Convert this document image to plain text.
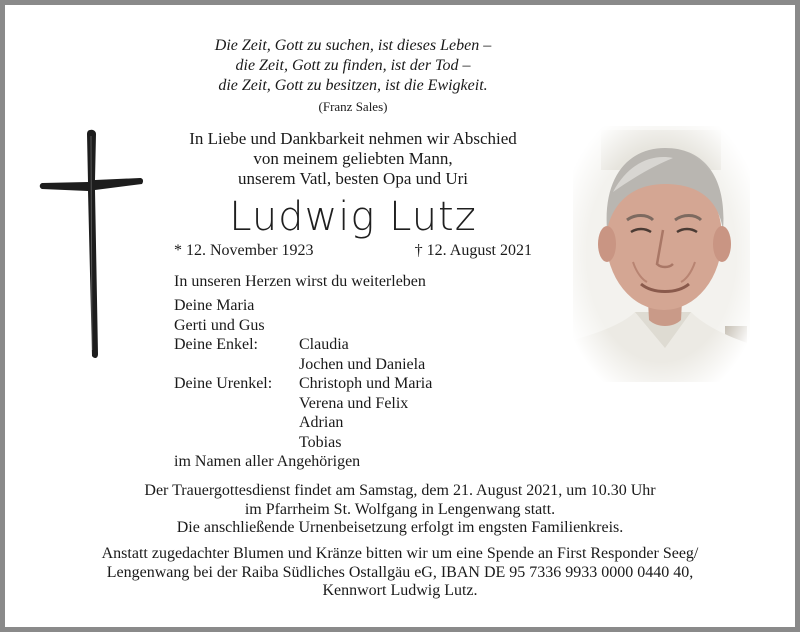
Die Zeit, Gott zu suchen, ist dieses Leben –
die Zeit, Gott zu finden, ist der Tod –
die Zeit, Gott zu besitzen, ist die Ewigkeit.
(Franz Sales)
In Liebe und Dankbarkeit nehmen wir Abschied
von meinem geliebten Mann,
unserem Vatl, besten Opa und Uri
Ludwig Lutz
* 12. November 1923	† 12. August 2021
In unseren Herzen wirst du weiterleben
Deine Maria
Gerti und Gus
Deine Enkel:	Claudia
Jochen und Daniela
Deine Urenkel:	Christoph und Maria
Verena und Felix
Adrian
Tobias
im Namen aller Angehörigen
Der Trauergottesdienst findet am Samstag, dem 21. August 2021, um 10.30 Uhr
im Pfarrheim St. Wolfgang in Lengenwang statt.
Die anschließende Urnenbeisetzung erfolgt im engsten Familienkreis.
Anstatt zugedachter Blumen und Kränze bitten wir um eine Spende an First Responder Seeg/
Lengenwang bei der Raiba Südliches Ostallgäu eG, IBAN DE 95 7336 9933 0000 0440 40,
Kennwort Ludwig Lutz.
